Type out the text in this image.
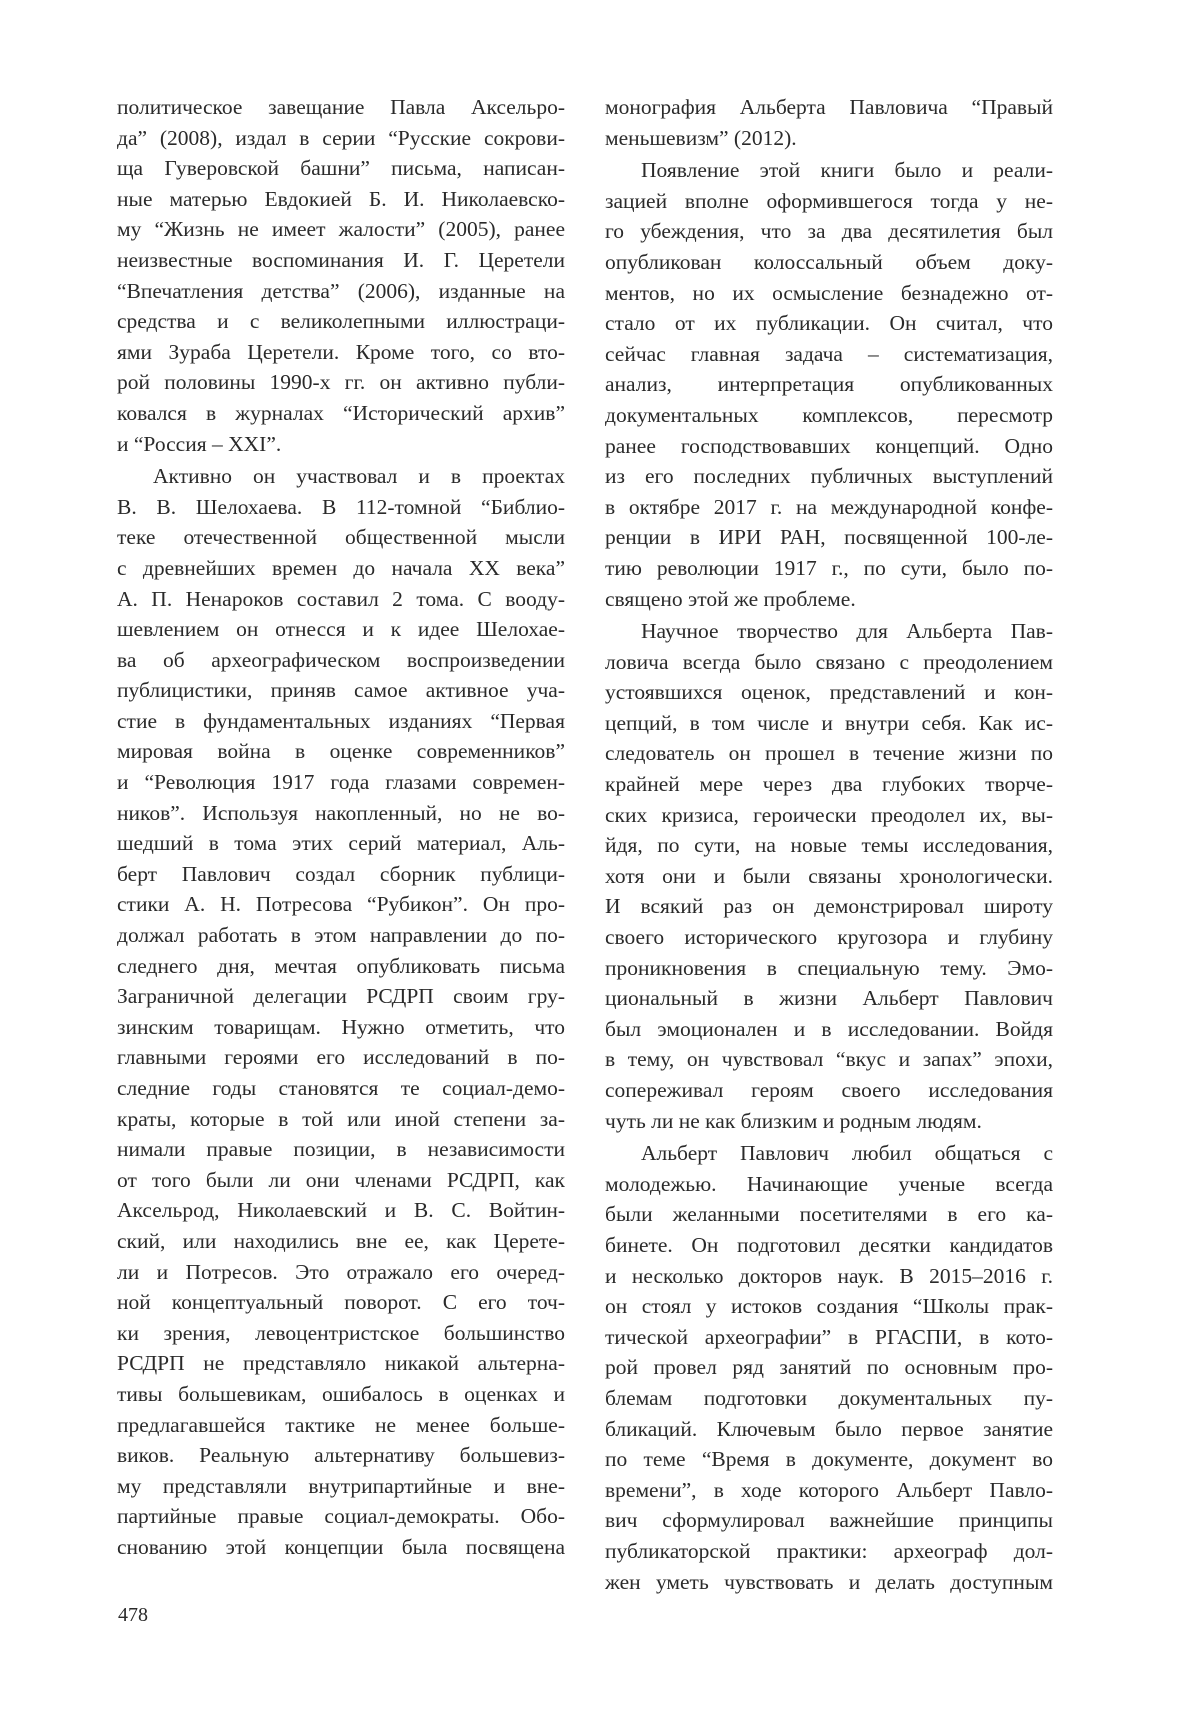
политическое завещание Павла Аксельро-
да” (2008), издал в серии “Русские сокрови-
ща Гуверовской башни” письма, написан-
ные матерью Евдокией Б. И. Николаевско-
му “Жизнь не имеет жалости” (2005), ранее
неизвестные воспоминания И. Г. Церетели
“Впечатления детства” (2006), изданные на
средства и с великолепными иллюстраци-
ями Зураба Церетели. Кроме того, со вто-
рой половины 1990-х гг. он активно публи-
ковался в журналах “Исторический архив”
и “Россия – XXI”.
Активно он участвовал и в проектах
В. В. Шелохаева. В 112-томной “Библио-
теке отечественной общественной мысли
с древнейших времен до начала XX века”
А. П. Ненароков составил 2 тома. С вооду-
шевлением он отнесся и к идее Шелохае-
ва об археографическом воспроизведении
публицистики, приняв самое активное уча-
стие в фундаментальных изданиях “Первая
мировая война в оценке современников”
и “Революция 1917 года глазами современ-
ников”. Используя накопленный, но не во-
шедший в тома этих серий материал, Аль-
берт Павлович создал сборник публици-
стики А. Н. Потресова “Рубикон”. Он про-
должал работать в этом направлении до по-
следнего дня, мечтая опубликовать письма
Заграничной делегации РСДРП своим гру-
зинским товарищам. Нужно отметить, что
главными героями его исследований в по-
следние годы становятся те социал-демо-
краты, которые в той или иной степени за-
нимали правые позиции, в независимости
от того были ли они членами РСДРП, как
Аксельрод, Николаевский и В. С. Войтин-
ский, или находились вне ее, как Церете-
ли и Потресов. Это отражало его очеред-
ной концептуальный поворот. С его точ-
ки зрения, левоцентристское большинство
РСДРП не представляло никакой альтерна-
тивы большевикам, ошибалось в оценках и
предлагавшейся тактике не менее больше-
виков. Реальную альтернативу большевиз-
му представляли внутрипартийные и вне-
партийные правые социал-демократы. Обо-
снованию этой концепции была посвящена
монография Альберта Павловича “Правый
меньшевизм” (2012).
Появление этой книги было и реали-
зацией вполне оформившегося тогда у не-
го убеждения, что за два десятилетия был
опубликован колоссальный объем доку-
ментов, но их осмысление безнадежно от-
стало от их публикации. Он считал, что
сейчас главная задача – систематизация,
анализ, интерпретация опубликованных
документальных комплексов, пересмотр
ранее господствовавших концепций. Одно
из его последних публичных выступлений
в октябре 2017 г. на международной конфе-
ренции в ИРИ РАН, посвященной 100-ле-
тию революции 1917 г., по сути, было по-
священо этой же проблеме.
Научное творчество для Альберта Пав-
ловича всегда было связано с преодолением
устоявшихся оценок, представлений и кон-
цепций, в том числе и внутри себя. Как ис-
следователь он прошел в течение жизни по
крайней мере через два глубоких творче-
ских кризиса, героически преодолел их, вы-
йдя, по сути, на новые темы исследования,
хотя они и были связаны хронологически.
И всякий раз он демонстрировал широту
своего исторического кругозора и глубину
проникновения в специальную тему. Эмо-
циональный в жизни Альберт Павлович
был эмоционален и в исследовании. Войдя
в тему, он чувствовал “вкус и запах” эпохи,
сопереживал героям своего исследования
чуть ли не как близким и родным людям.
Альберт Павлович любил общаться с
молодежью. Начинающие ученые всегда
были желанными посетителями в его ка-
бинете. Он подготовил десятки кандидатов
и несколько докторов наук. В 2015–2016 г.
он стоял у истоков создания “Школы прак-
тической археографии” в РГАСПИ, в кото-
рой провел ряд занятий по основным про-
блемам подготовки документальных пу-
бликаций. Ключевым было первое занятие
по теме “Время в документе, документ во
времени”, в ходе которого Альберт Павло-
вич сформулировал важнейшие принципы
публикаторской практики: археограф дол-
жен уметь чувствовать и делать доступным
478
